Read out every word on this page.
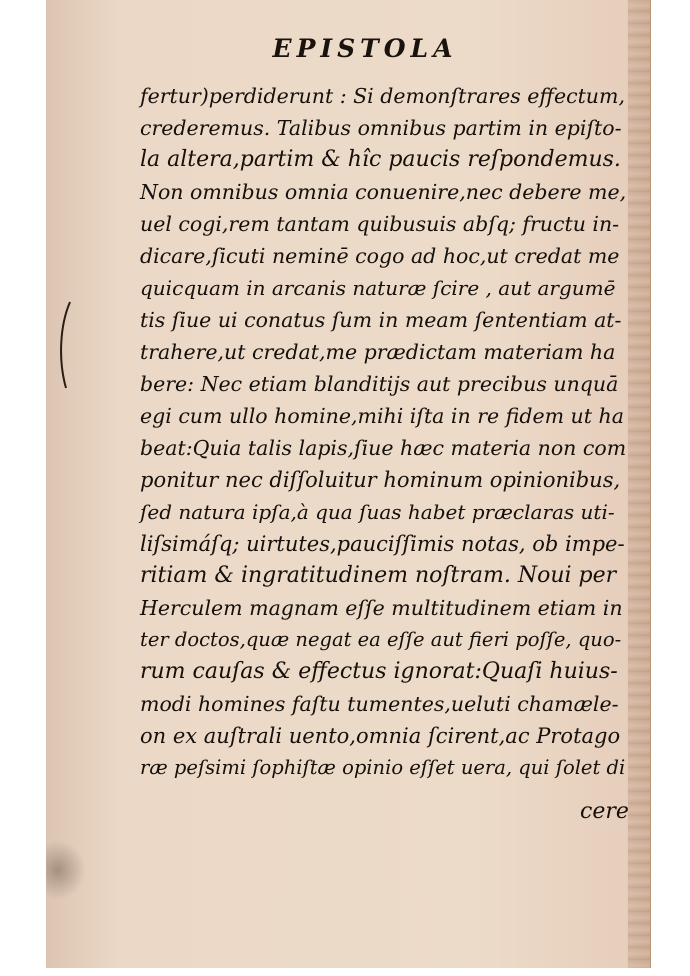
EPISTOLA
fertur)perdiderunt : Si demonſtrares effectum,
crederemus. Talibus omnibus partim in epiſto-
la altera,partim & hîc paucis reſpondemus.
Non omnibus omnia conuenire,nec debere me,
uel cogi,rem tantam quibusuis abſq; fructu in-
dicare,ſicuti neminē cogo ad hoc,ut credat me
quicquam in arcanis naturæ ſcire , aut argumē
tis ſiue ui conatus ſum in meam ſententiam at-
trahere,ut credat,me prædictam materiam ha
bere: Nec etiam blanditijs aut precibus unquā
egi cum ullo homine,mihi iſta in re fidem ut ha
beat:Quia talis lapis,ſiue hæc materia non com
ponitur nec diſſoluitur hominum opinionibus,
ſed natura ipſa,à qua ſuas habet præclaras uti-
liſsimáſq; uirtutes,pauciſſimis notas, ob impe-
ritiam & ingratitudinem noſtram. Noui per
Herculem magnam eſſe multitudinem etiam in
ter doctos,quæ negat ea eſſe aut fieri poſſe, quo-
rum cauſas & effectus ignorat:Quaſi huius-
modi homines faſtu tumentes,ueluti chamæle-
on ex auſtrali uento,omnia ſcirent,ac Protago
ræ peſsimi ſophiſtæ opinio eſſet uera, qui ſolet di
cere
